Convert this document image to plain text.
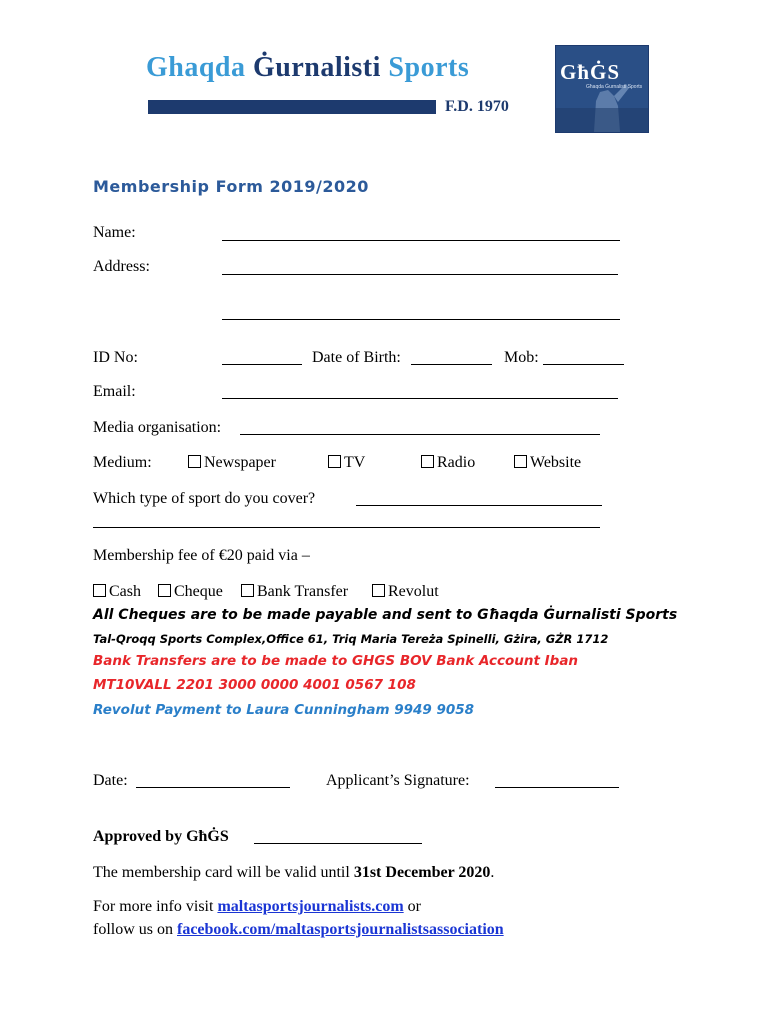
Ghaqda Ġurnalisti Sports
F.D. 1970
GħĠS
Għaqda Ġurnalisti Sports
Membership Form 2019/2020
Name:
Address:
ID No:	Date of Birth:	Mob:
Email:
Media organisation:
Medium:	Newspaper	TV	Radio	Website
Which type of sport do you cover?
Membership fee of €20 paid via –
Cash	Cheque	Bank Transfer	Revolut
All Cheques are to be made payable and sent to Għaqda Ġurnalisti Sports
Tal-Qroqq Sports Complex,Office 61, Triq Maria Tereża Spinelli, Gżira, GŻR 1712
Bank Transfers are to be made to GHGS BOV Bank Account Iban
MT10VALL 2201 3000 0000 4001 0567 108
Revolut Payment to Laura Cunningham 9949 9058
Date:	Applicant’s Signature:
Approved by GħĠS
The membership card will be valid until 31st December 2020.
For more info visit maltasportsjournalists.com or
follow us on facebook.com/maltasportsjournalistsassociation
